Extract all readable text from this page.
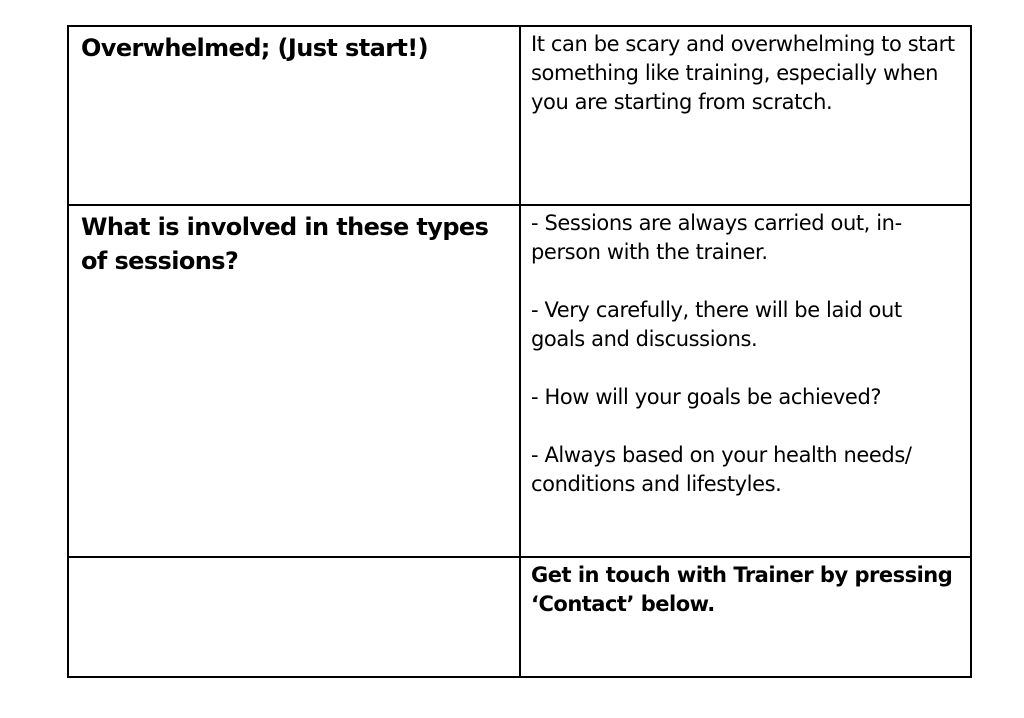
Overwhelmed; (Just start!)	It can be scary and overwhelming to start something like training, especially when you are starting from scratch.

What is involved in these types of sessions?	- Sessions are always carried out, in-person with the trainer.

- Very carefully, there will be laid out goals and discussions.

- How will your goals be achieved?

- Always based on your health needs/ conditions and lifestyles.

	Get in touch with Trainer by pressing ‘Contact’ below.
